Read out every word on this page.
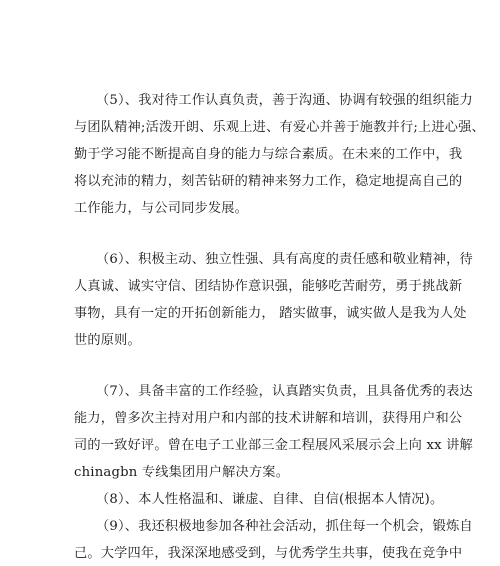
（5）、我对待工作认真负责，善于沟通、协调有较强的组织能力
与团队精神;活泼开朗、乐观上进、有爱心并善于施教并行;上进心强、
勤于学习能不断提高自身的能力与综合素质。在未来的工作中，我
将以充沛的精力，刻苦钻研的精神来努力工作，稳定地提高自己的
工作能力，与公司同步发展。
（6）、积极主动、独立性强、具有高度的责任感和敬业精神，待
人真诚、诚实守信、团结协作意识强，能够吃苦耐劳，勇于挑战新
事物，具有一定的开拓创新能力， 踏实做事，诚实做人是我为人处
世的原则。
（7）、具备丰富的工作经验，认真踏实负责，且具备优秀的表达
能力，曾多次主持对用户和内部的技术讲解和培训，获得用户和公
司的一致好评。曾在电子工业部三金工程展风采展示会上向 xx 讲解
chinagbn 专线集团用户解决方案。
（8）、本人性格温和、谦虚、自律、自信(根据本人情况)。
（9）、我还积极地参加各种社会活动，抓住每一个机会，锻炼自
己。大学四年，我深深地感受到，与优秀学生共事，使我在竞争中
